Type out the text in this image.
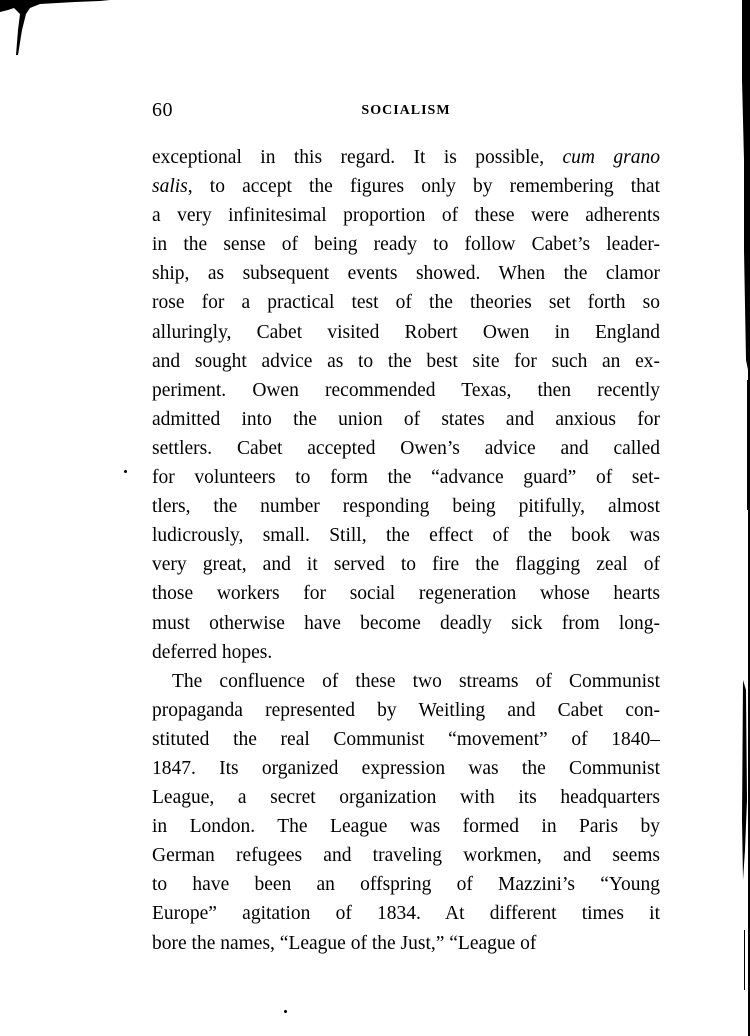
60	SOCIALISM
exceptional in this regard. It is possible, cum grano
salis, to accept the figures only by remembering that
a very infinitesimal proportion of these were adherents
in the sense of being ready to follow Cabet’s leader-
ship, as subsequent events showed. When the clamor
rose for a practical test of the theories set forth so
alluringly, Cabet visited Robert Owen in England
and sought advice as to the best site for such an ex-
periment. Owen recommended Texas, then recently
admitted into the union of states and anxious for
settlers. Cabet accepted Owen’s advice and called
for volunteers to form the “advance guard” of set-
tlers, the number responding being pitifully, almost
ludicrously, small. Still, the effect of the book was
very great, and it served to fire the flagging zeal of
those workers for social regeneration whose hearts
must otherwise have become deadly sick from long-
deferred hopes.
The confluence of these two streams of Communist
propaganda represented by Weitling and Cabet con-
stituted the real Communist “movement” of 1840–
1847. Its organized expression was the Communist
League, a secret organization with its headquarters
in London. The League was formed in Paris by
German refugees and traveling workmen, and seems
to have been an offspring of Mazzini’s “Young
Europe” agitation of 1834. At different times it
bore the names, “League of the Just,” “League of
